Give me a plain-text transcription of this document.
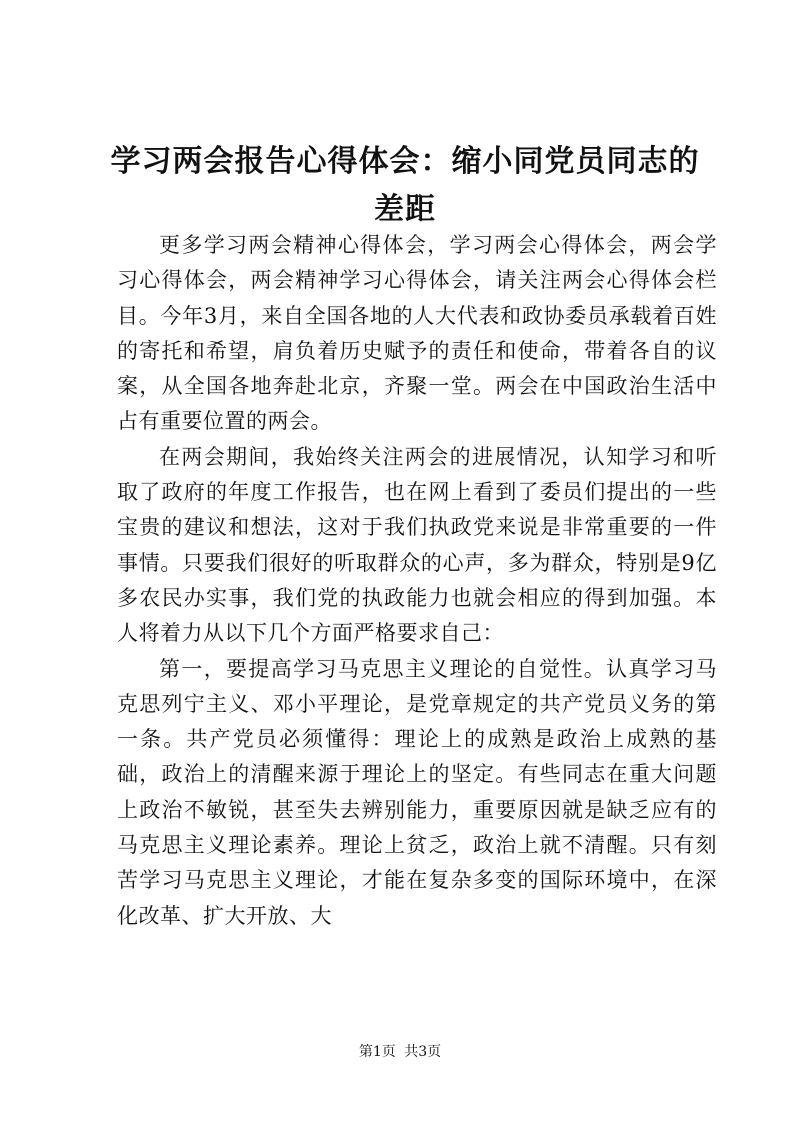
学习两会报告心得体会：缩小同党员同志的差距

更多学习两会精神心得体会，学习两会心得体会，两会学习心得体会，两会精神学习心得体会，请关注两会心得体会栏目。今年3月，来自全国各地的人大代表和政协委员承载着百姓的寄托和希望，肩负着历史赋予的责任和使命，带着各自的议案，从全国各地奔赴北京，齐聚一堂。两会在中国政治生活中占有重要位置的两会。

在两会期间，我始终关注两会的进展情况，认知学习和听取了政府的年度工作报告，也在网上看到了委员们提出的一些宝贵的建议和想法，这对于我们执政党来说是非常重要的一件事情。只要我们很好的听取群众的心声，多为群众，特别是9亿多农民办实事，我们党的执政能力也就会相应的得到加强。本人将着力从以下几个方面严格要求自己：

第一，要提高学习马克思主义理论的自觉性。认真学习马克思列宁主义、邓小平理论，是党章规定的共产党员义务的第一条。共产党员必须懂得：理论上的成熟是政治上成熟的基础，政治上的清醒来源于理论上的坚定。有些同志在重大问题上政治不敏锐，甚至失去辨别能力，重要原因就是缺乏应有的马克思主义理论素养。理论上贫乏，政治上就不清醒。只有刻苦学习马克思主义理论，才能在复杂多变的国际环境中，在深化改革、扩大开放、大

第1页 共3页
